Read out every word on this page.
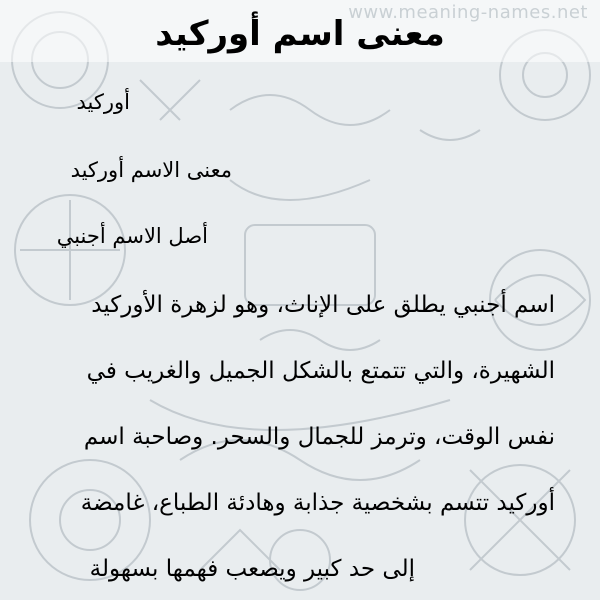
www.meaning-names.net
معنى اسم أوركيد
أوركيد
معنى الاسم أوركيد
أصل الاسم أجنبي
اسم أجنبي يطلق على الإناث، وهو لزهرة الأوركيد
الشهيرة، والتي تتمتع بالشكل الجميل والغريب في
نفس الوقت، وترمز للجمال والسحر. وصاحبة اسم
أوركيد تتسم بشخصية جذابة وهادئة الطباع، غامضة
إلى حد كبير ويصعب فهمها بسهولة
